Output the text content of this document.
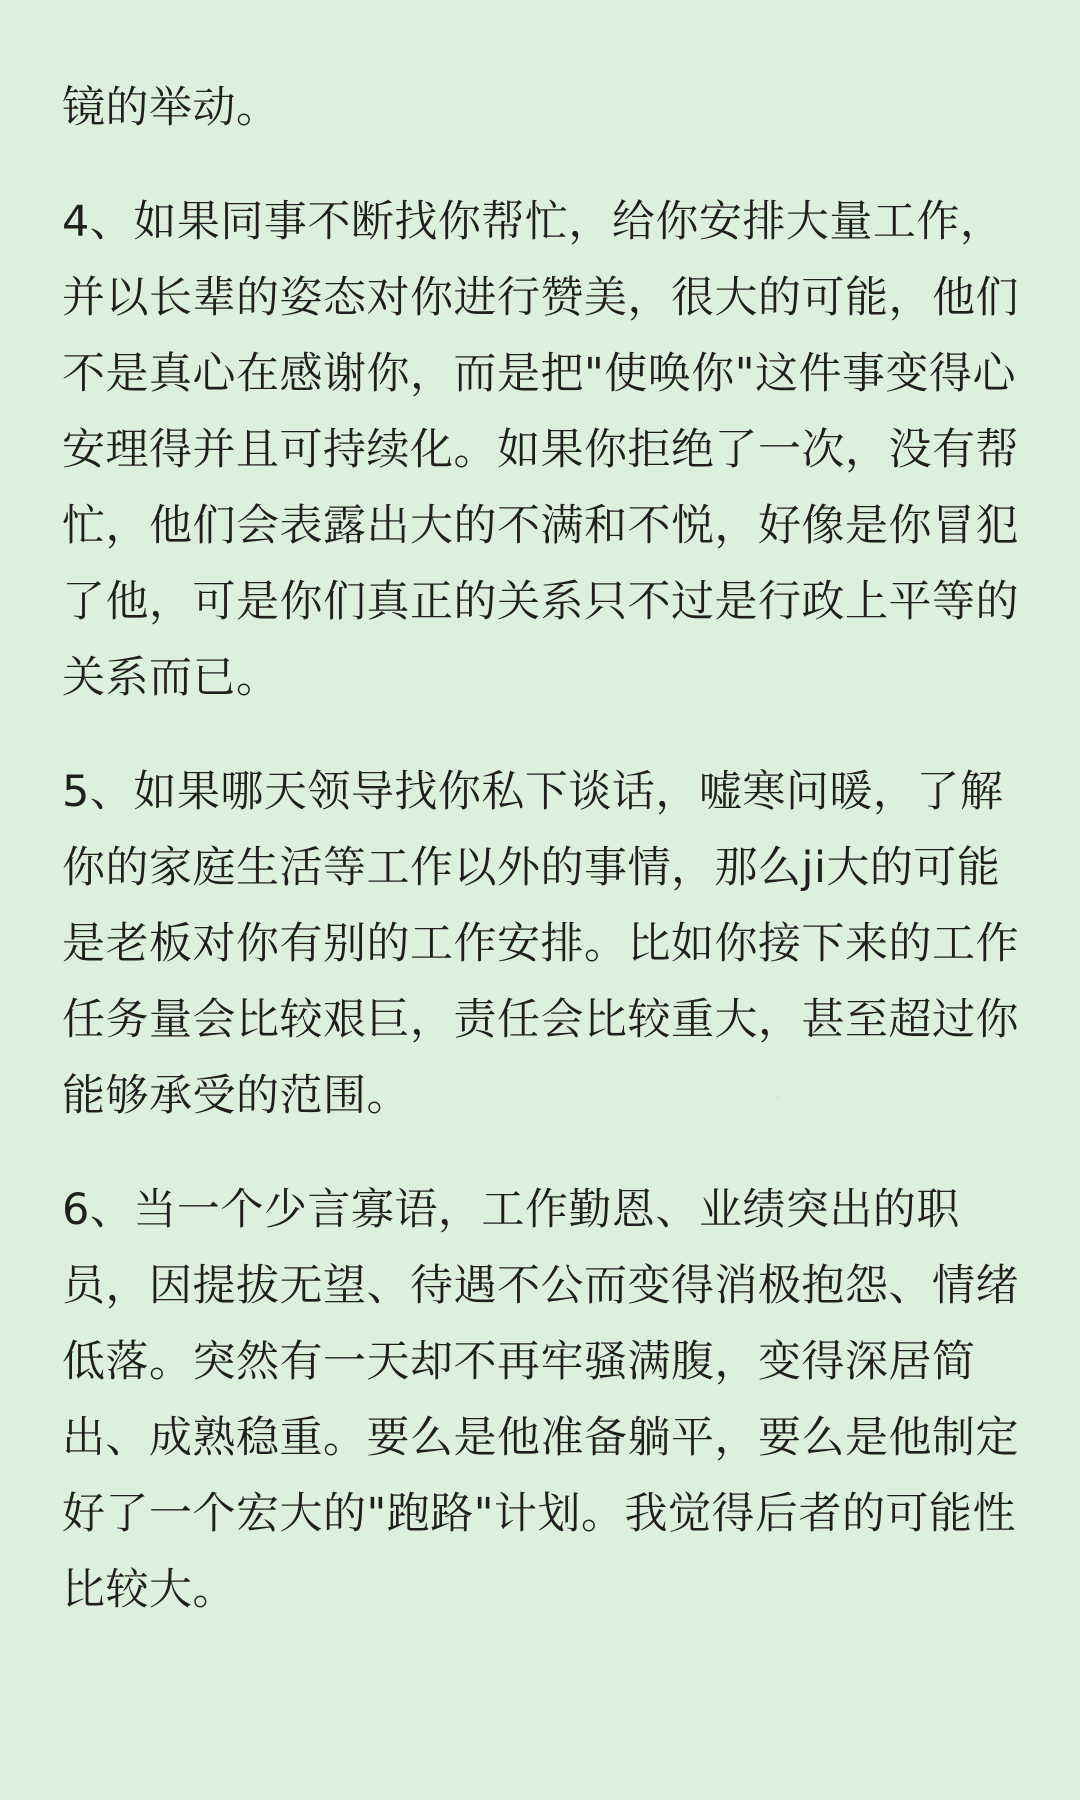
镜的举动。

4、如果同事不断找你帮忙，给你安排大量工作，并以长辈的姿态对你进行赞美，很大的可能，他们不是真心在感谢你，而是把"使唤你"这件事变得心安理得并且可持续化。如果你拒绝了一次，没有帮忙，他们会表露出大的不满和不悦，好像是你冒犯了他，可是你们真正的关系只不过是行政上平等的关系而已。

5、如果哪天领导找你私下谈话，嘘寒问暖，了解你的家庭生活等工作以外的事情，那么ji大的可能是老板对你有别的工作安排。比如你接下来的工作任务量会比较艰巨，责任会比较重大，甚至超过你能够承受的范围。

6、当一个少言寡语，工作勤恩、业绩突出的职员，因提拔无望、待遇不公而变得消极抱怨、情绪低落。突然有一天却不再牢骚满腹，变得深居简出、成熟稳重。要么是他准备躺平，要么是他制定好了一个宏大的"跑路"计划。我觉得后者的可能性比较大。
